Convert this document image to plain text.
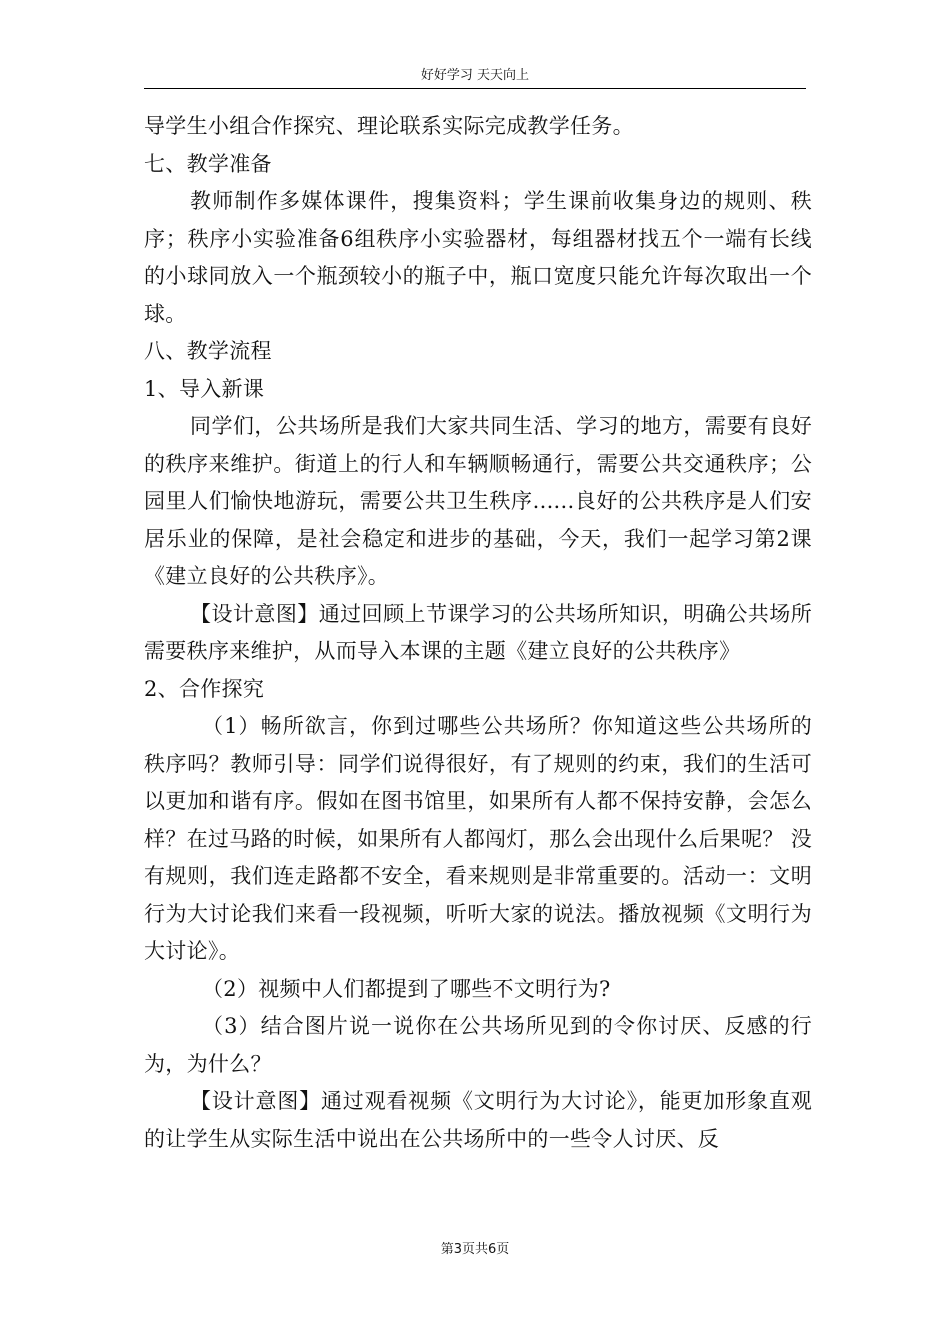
好好学习 天天向上

导学生小组合作探究、理论联系实际完成教学任务。

七、教学准备

教师制作多媒体课件，搜集资料；学生课前收集身边的规则、秩序；秩序小实验准备6组秩序小实验器材，每组器材找五个一端有长线的小球同放入一个瓶颈较小的瓶子中，瓶口宽度只能允许每次取出一个球。

八、教学流程

1、导入新课

同学们，公共场所是我们大家共同生活、学习的地方，需要有良好的秩序来维护。街道上的行人和车辆顺畅通行，需要公共交通秩序；公园里人们愉快地游玩，需要公共卫生秩序......良好的公共秩序是人们安居乐业的保障，是社会稳定和进步的基础，今天，我们一起学习第2课《建立良好的公共秩序》。

【设计意图】通过回顾上节课学习的公共场所知识，明确公共场所需要秩序来维护，从而导入本课的主题《建立良好的公共秩序》

2、合作探究

（1）畅所欲言，你到过哪些公共场所？你知道这些公共场所的秩序吗？教师引导：同学们说得很好，有了规则的约束，我们的生活可以更加和谐有序。假如在图书馆里，如果所有人都不保持安静，会怎么样？在过马路的时候，如果所有人都闯灯，那么会出现什么后果呢？ 没有规则，我们连走路都不安全，看来规则是非常重要的。活动一：文明行为大讨论我们来看一段视频，听听大家的说法。播放视频《文明行为大讨论》。

（2）视频中人们都提到了哪些不文明行为?

（3）结合图片说一说你在公共场所见到的令你讨厌、反感的行为，为什么？

【设计意图】通过观看视频《文明行为大讨论》，能更加形象直观的让学生从实际生活中说出在公共场所中的一些令人讨厌、反

第3页共6页
